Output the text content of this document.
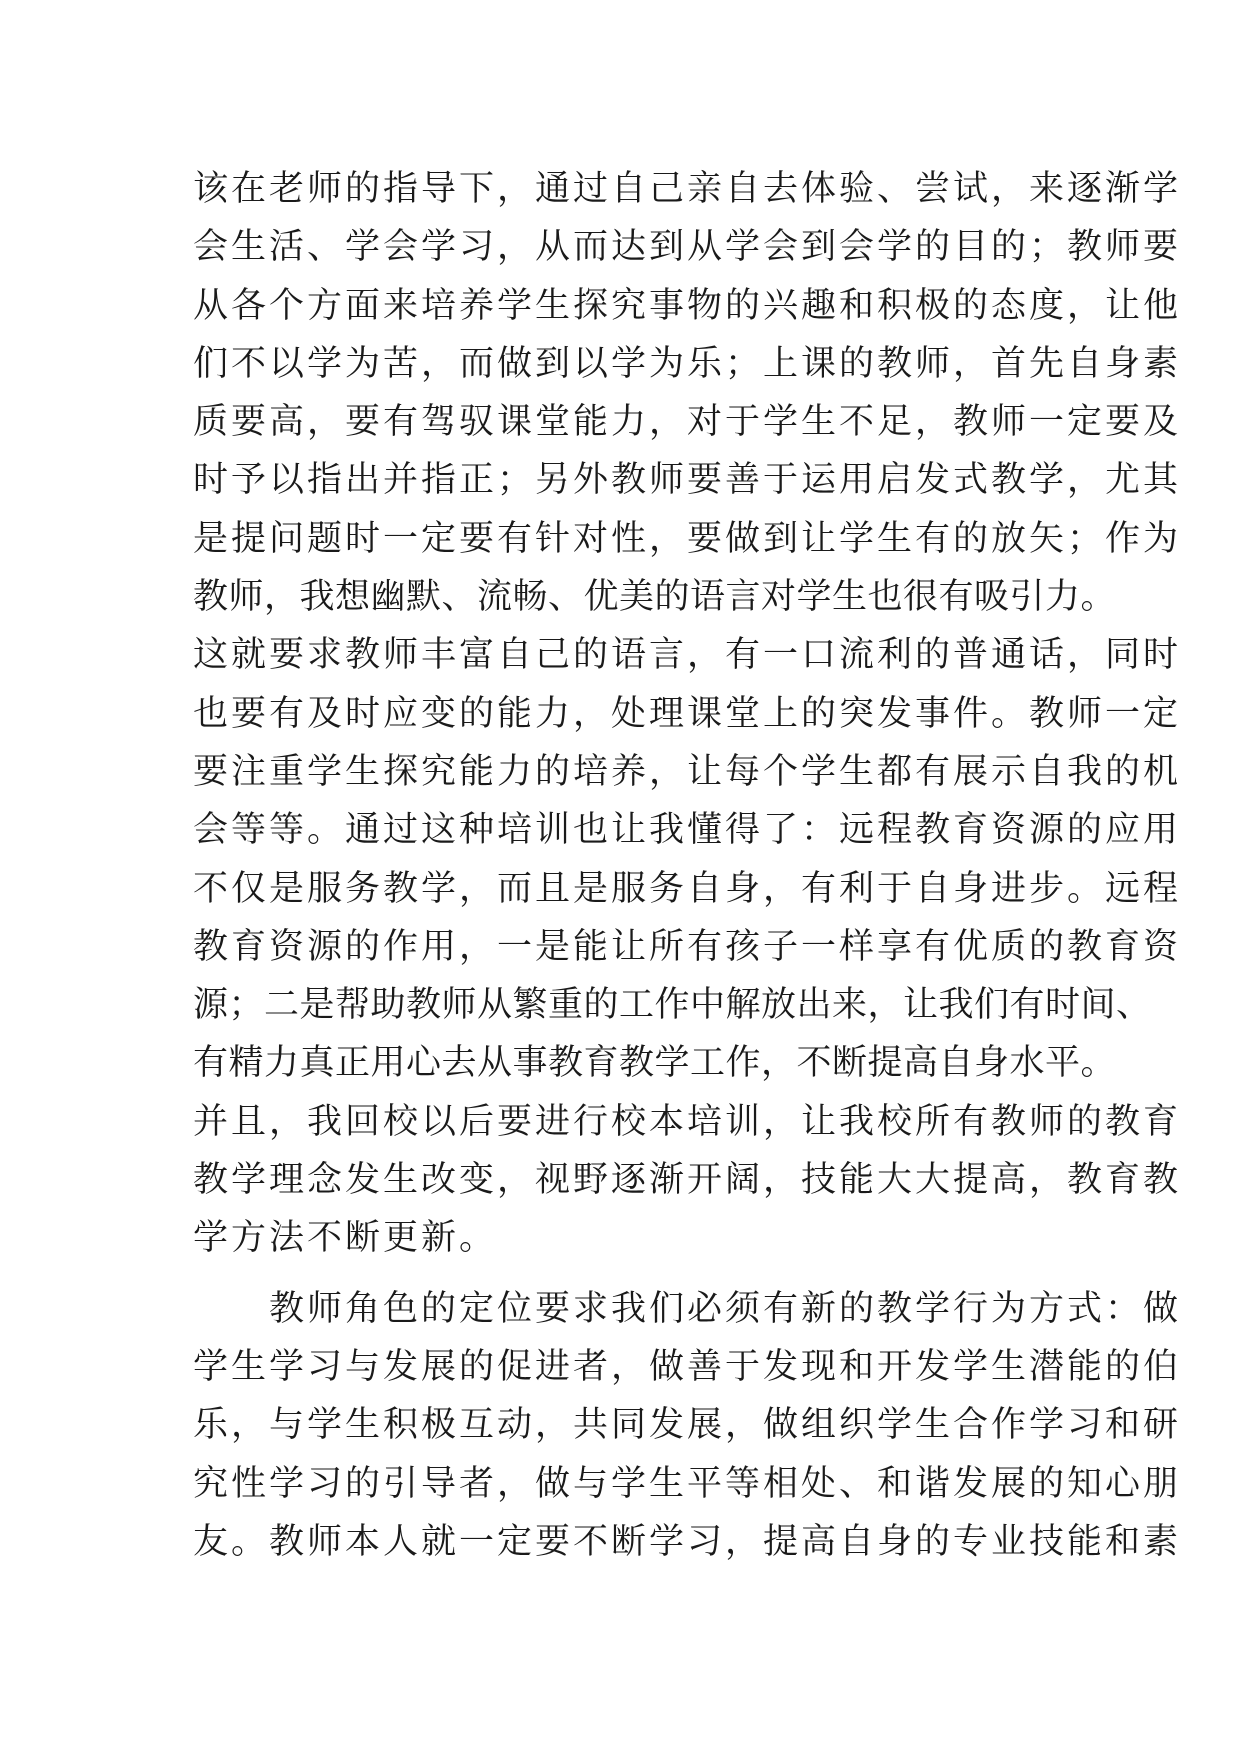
该在老师的指导下，通过自己亲自去体验、尝试，来逐渐学
会生活、学会学习，从而达到从学会到会学的目的；教师要
从各个方面来培养学生探究事物的兴趣和积极的态度，让他
们不以学为苦，而做到以学为乐；上课的教师，首先自身素
质要高，要有驾驭课堂能力，对于学生不足，教师一定要及
时予以指出并指正；另外教师要善于运用启发式教学，尤其
是提问题时一定要有针对性，要做到让学生有的放矢；作为
教师，我想幽默、流畅、优美的语言对学生也很有吸引力。
这就要求教师丰富自己的语言，有一口流利的普通话，同时
也要有及时应变的能力，处理课堂上的突发事件。教师一定
要注重学生探究能力的培养，让每个学生都有展示自我的机
会等等。通过这种培训也让我懂得了：远程教育资源的应用
不仅是服务教学，而且是服务自身，有利于自身进步。远程
教育资源的作用，一是能让所有孩子一样享有优质的教育资
源；二是帮助教师从繁重的工作中解放出来，让我们有时间、
有精力真正用心去从事教育教学工作，不断提高自身水平。
并且，我回校以后要进行校本培训，让我校所有教师的教育
教学理念发生改变，视野逐渐开阔，技能大大提高，教育教
学方法不断更新。
　　教师角色的定位要求我们必须有新的教学行为方式：做
学生学习与发展的促进者，做善于发现和开发学生潜能的伯
乐，与学生积极互动，共同发展，做组织学生合作学习和研
究性学习的引导者，做与学生平等相处、和谐发展的知心朋
友。教师本人就一定要不断学习，提高自身的专业技能和素
